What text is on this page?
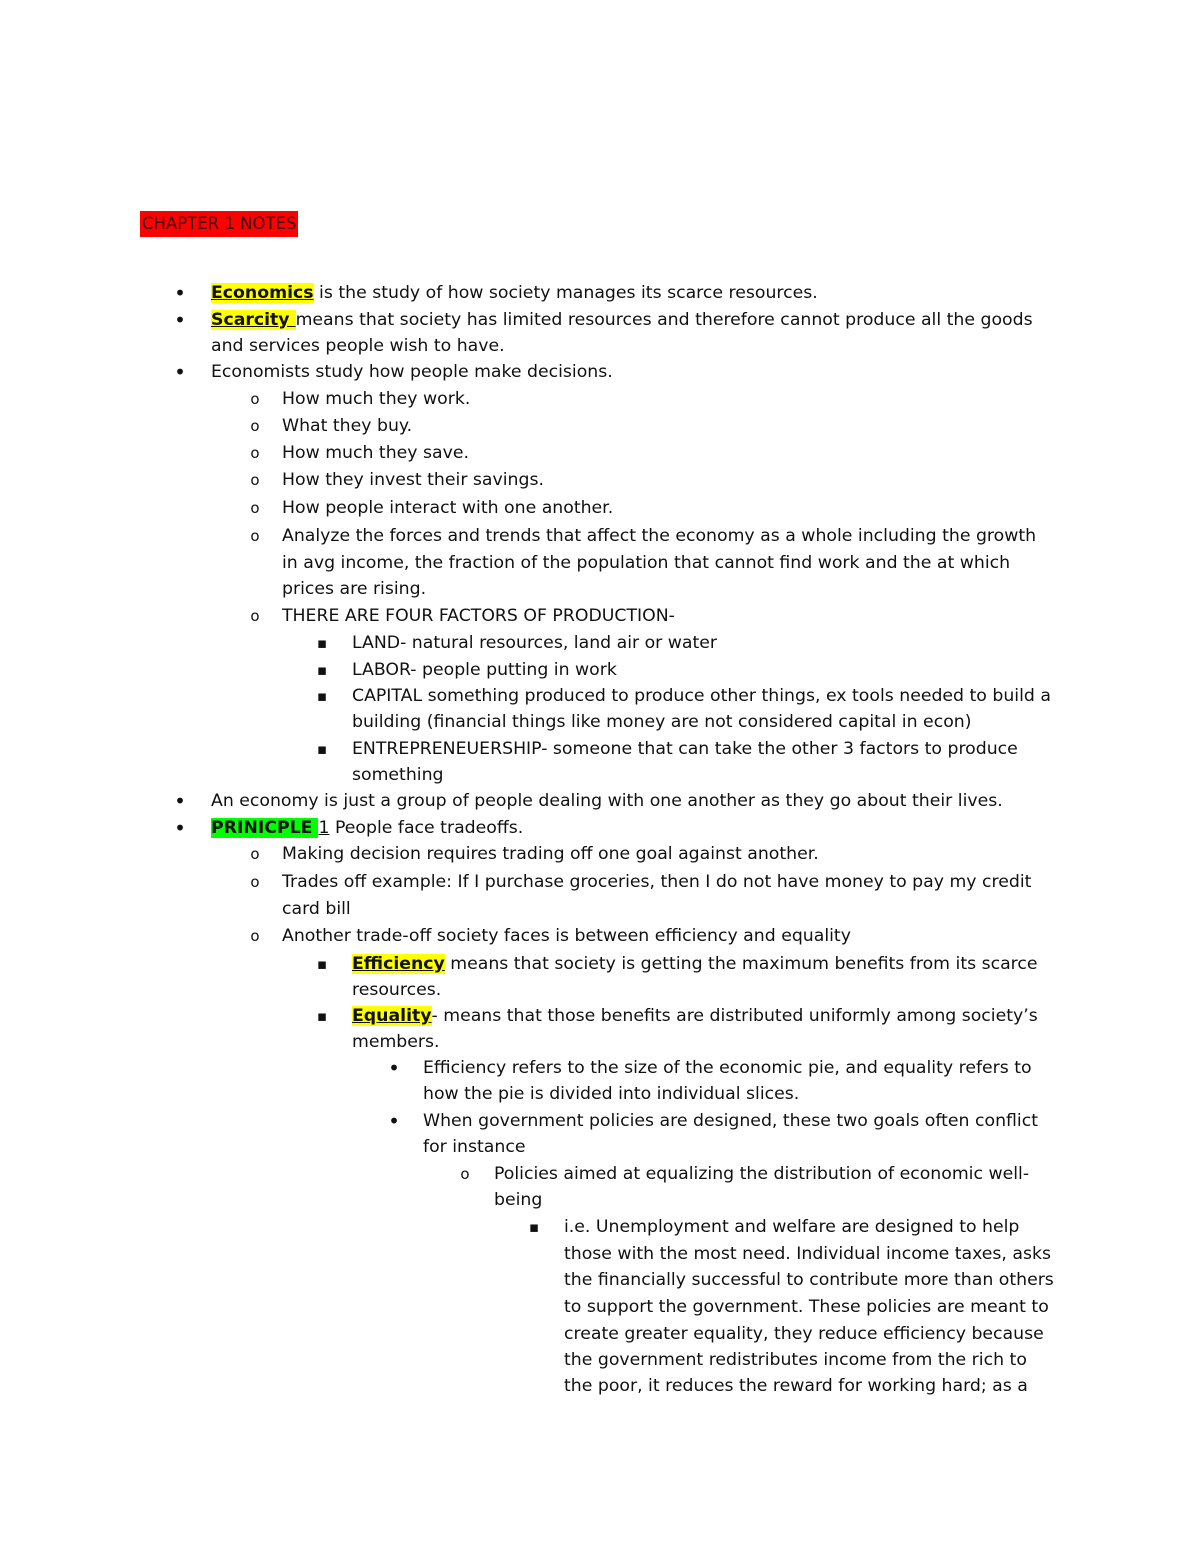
CHAPTER 1 NOTES
•
Economics is the study of how society manages its scarce resources.
•
Scarcity means that society has limited resources and therefore cannot produce all the goods
and services people wish to have.
•
Economists study how people make decisions.
o
How much they work.
o
What they buy.
o
How much they save.
o
How they invest their savings.
o
How people interact with one another.
o
Analyze the forces and trends that affect the economy as a whole including the growth
in avg income, the fraction of the population that cannot find work and the at which
prices are rising.
o
THERE ARE FOUR FACTORS OF PRODUCTION-
▪
LAND- natural resources, land air or water
▪
LABOR- people putting in work
▪
CAPITAL something produced to produce other things, ex tools needed to build a
building (financial things like money are not considered capital in econ)
▪
ENTREPRENEUERSHIP- someone that can take the other 3 factors to produce
something
•
An economy is just a group of people dealing with one another as they go about their lives.
•
PRINICPLE 1 People face tradeoffs.
o
Making decision requires trading off one goal against another.
o
Trades off example: If I purchase groceries, then I do not have money to pay my credit
card bill
o
Another trade-off society faces is between efficiency and equality
▪
Efficiency means that society is getting the maximum benefits from its scarce
resources.
▪
Equality- means that those benefits are distributed uniformly among society’s
members.
•
Efficiency refers to the size of the economic pie, and equality refers to
how the pie is divided into individual slices.
•
When government policies are designed, these two goals often conflict
for instance
o
Policies aimed at equalizing the distribution of economic well-
being
▪
i.e. Unemployment and welfare are designed to help
those with the most need. Individual income taxes, asks
the financially successful to contribute more than others
to support the government. These policies are meant to
create greater equality, they reduce efficiency because
the government redistributes income from the rich to
the poor, it reduces the reward for working hard; as a
